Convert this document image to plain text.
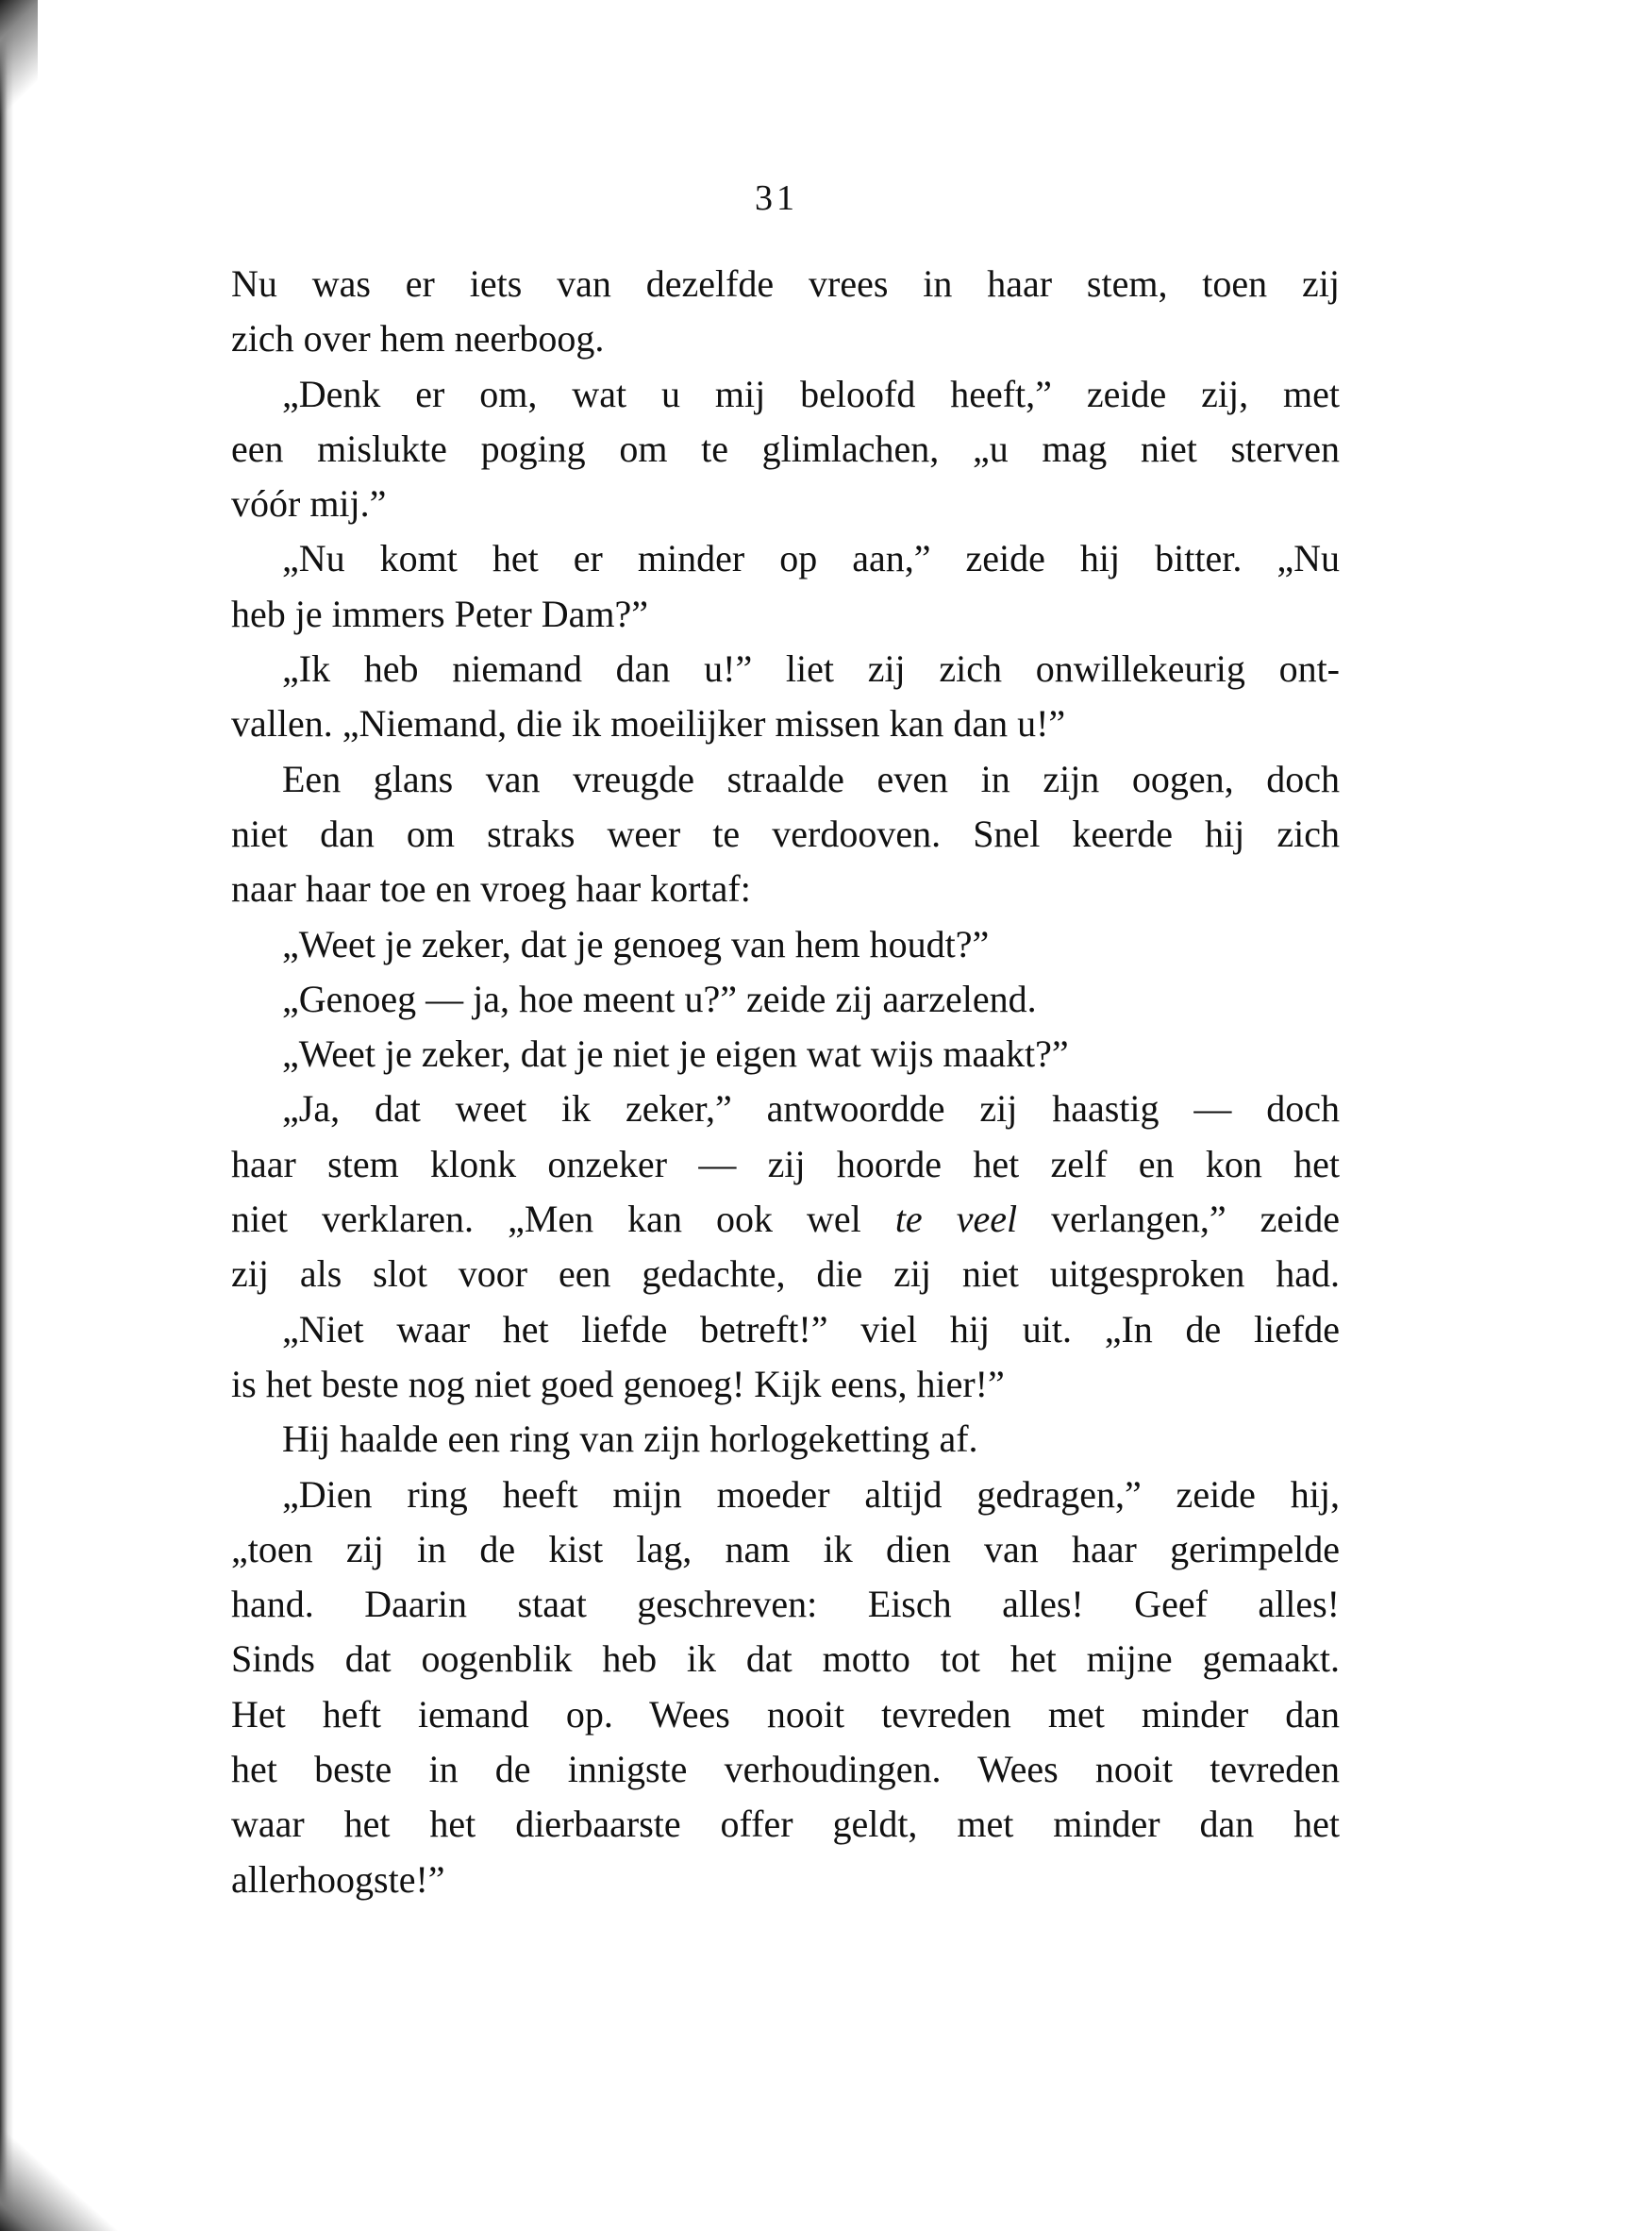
31
Nu was er iets van dezelfde vrees in haar stem, toen zij
zich over hem neerboog.
„Denk er om, wat u mij beloofd heeft,” zeide zij, met
een mislukte poging om te glimlachen, „u mag niet sterven
vóór mij.”
„Nu komt het er minder op aan,” zeide hij bitter. „Nu
heb je immers Peter Dam?”
„Ik heb niemand dan u!” liet zij zich onwillekeurig ont-
vallen. „Niemand, die ik moeilijker missen kan dan u!”
Een glans van vreugde straalde even in zijn oogen, doch
niet dan om straks weer te verdooven. Snel keerde hij zich
naar haar toe en vroeg haar kortaf:
„Weet je zeker, dat je genoeg van hem houdt?”
„Genoeg — ja, hoe meent u?” zeide zij aarzelend.
„Weet je zeker, dat je niet je eigen wat wijs maakt?”
„Ja, dat weet ik zeker,” antwoordde zij haastig — doch
haar stem klonk onzeker — zij hoorde het zelf en kon het
niet verklaren. „Men kan ook wel te veel verlangen,” zeide
zij als slot voor een gedachte, die zij niet uitgesproken had.
„Niet waar het liefde betreft!” viel hij uit. „In de liefde
is het beste nog niet goed genoeg! Kijk eens, hier!”
Hij haalde een ring van zijn horlogeketting af.
„Dien ring heeft mijn moeder altijd gedragen,” zeide hij,
„toen zij in de kist lag, nam ik dien van haar gerimpelde
hand. Daarin staat geschreven: Eisch alles! Geef alles!
Sinds dat oogenblik heb ik dat motto tot het mijne gemaakt.
Het heft iemand op. Wees nooit tevreden met minder dan
het beste in de innigste verhoudingen. Wees nooit tevreden
waar het het dierbaarste offer geldt, met minder dan het
allerhoogste!”
